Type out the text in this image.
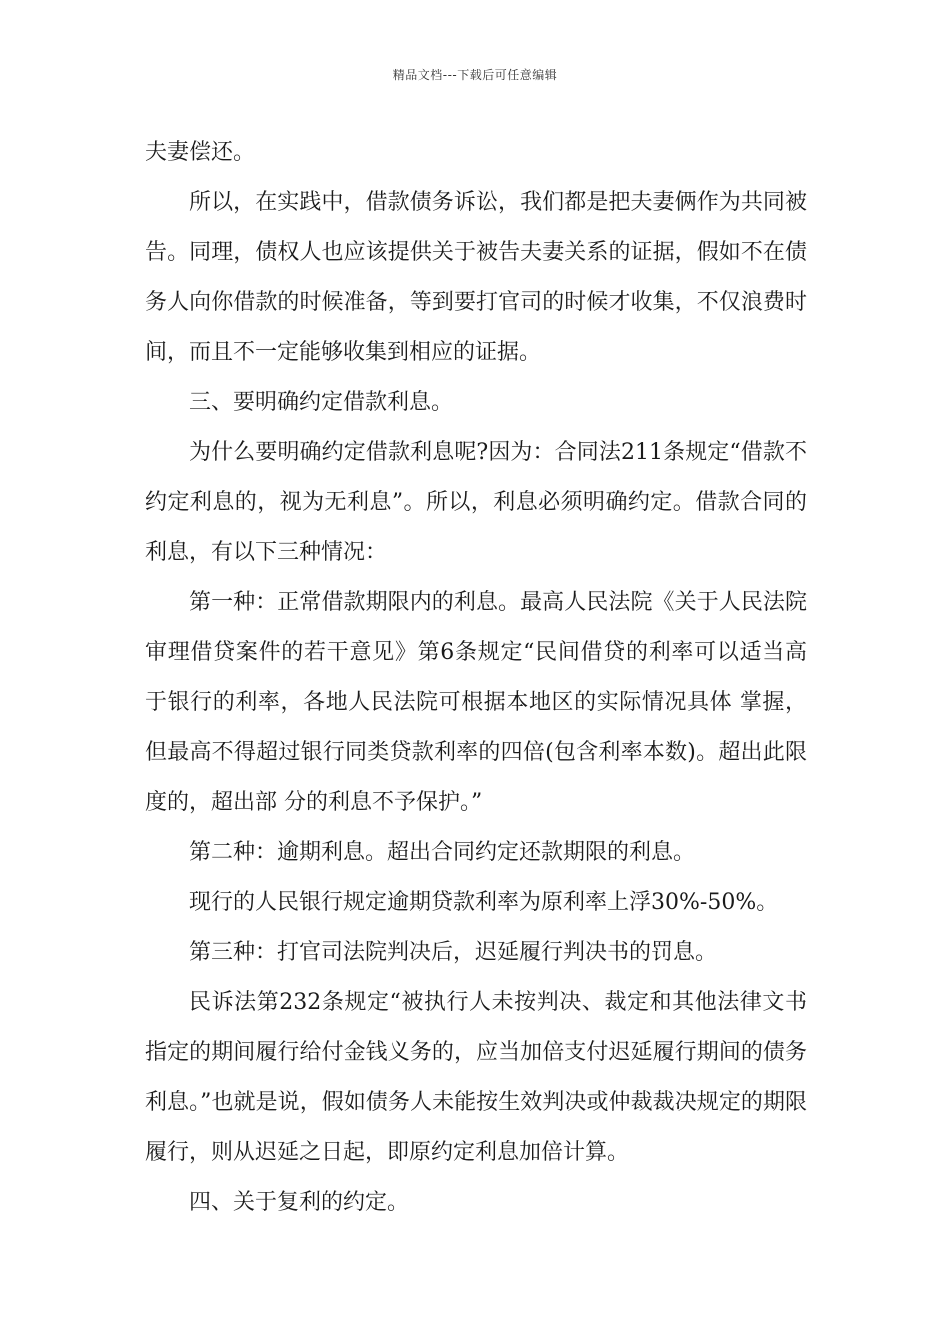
精品文档---下载后可任意编辑

夫妻偿还。

所以，在实践中，借款债务诉讼，我们都是把夫妻俩作为共同被告。同理，债权人也应该提供关于被告夫妻关系的证据，假如不在债务人向你借款的时候准备，等到要打官司的时候才收集，不仅浪费时间，而且不一定能够收集到相应的证据。

三、要明确约定借款利息。

为什么要明确约定借款利息呢?因为：合同法211条规定“借款不约定利息的，视为无利息”。所以，利息必须明确约定。借款合同的利息，有以下三种情况：

第一种：正常借款期限内的利息。最高人民法院《关于人民法院审理借贷案件的若干意见》第6条规定“民间借贷的利率可以适当高于银行的利率，各地人民法院可根据本地区的实际情况具体 掌握，但最高不得超过银行同类贷款利率的四倍(包含利率本数)。超出此限度的，超出部 分的利息不予保护。”

第二种：逾期利息。超出合同约定还款期限的利息。

现行的人民银行规定逾期贷款利率为原利率上浮30%-50%。

第三种：打官司法院判决后，迟延履行判决书的罚息。

民诉法第232条规定“被执行人未按判决、裁定和其他法律文书指定的期间履行给付金钱义务的，应当加倍支付迟延履行期间的债务利息。”也就是说，假如债务人未能按生效判决或仲裁裁决规定的期限履行，则从迟延之日起，即原约定利息加倍计算。

四、关于复利的约定。
